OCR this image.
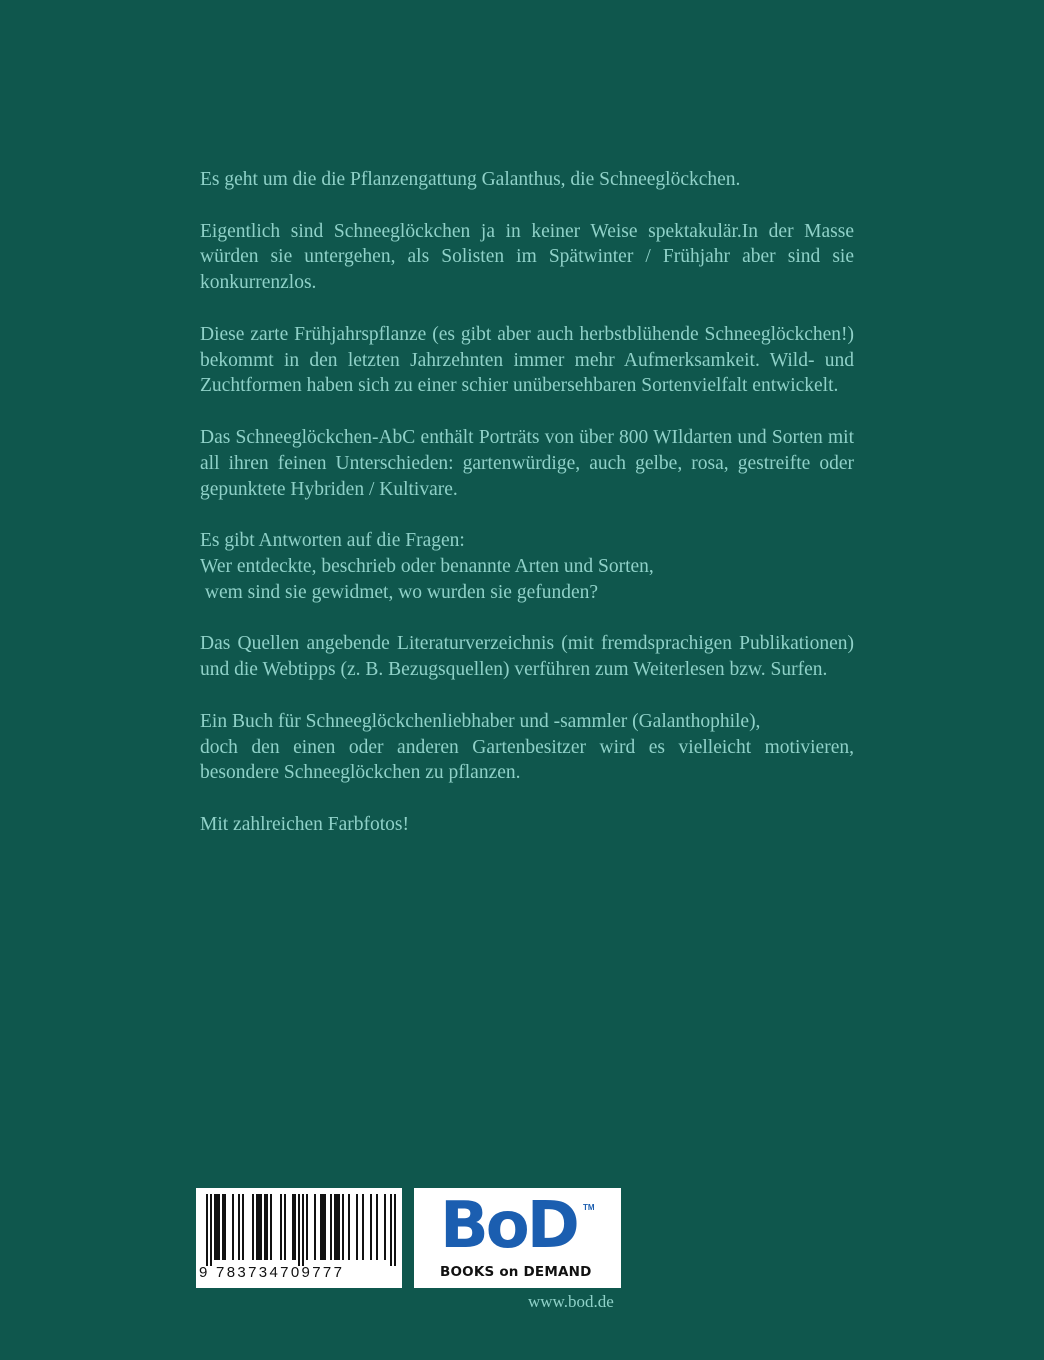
Es geht um die die Pflanzengattung Galanthus, die Schneeglöckchen.

Eigentlich sind Schneeglöckchen ja in keiner Weise spektakulär.In der Masse würden sie untergehen, als Solisten im Spätwinter / Frühjahr aber sind sie konkurrenzlos.

Diese zarte Frühjahrspflanze (es gibt aber auch herbstblühende Schneeglöckchen!) bekommt in den letzten Jahrzehnten immer mehr Aufmerksamkeit. Wild- und Zuchtformen haben sich zu einer schier unübersehbaren Sortenvielfalt entwickelt.

Das Schneeglöckchen-AbC enthält Porträts von über 800 WIldarten und Sorten mit all ihren feinen Unterschieden: gartenwürdige, auch gelbe, rosa, gestreifte oder gepunktete Hybriden / Kultivare.

Es gibt Antworten auf die Fragen:
Wer entdeckte, beschrieb oder benannte Arten und Sorten,
wem sind sie gewidmet, wo wurden sie gefunden?

Das Quellen angebende Literaturverzeichnis (mit fremdsprachigen Publikationen) und die Webtipps (z. B. Bezugsquellen) verführen zum Weiterlesen bzw. Surfen.

Ein Buch für Schneeglöckchenliebhaber und -sammler (Galanthophile),
doch den einen oder anderen Gartenbesitzer wird es vielleicht motivieren, besondere Schneeglöckchen zu pflanzen.

Mit zahlreichen Farbfotos!

9 783734709777
BoD TM
BOOKS on DEMAND
www.bod.de
